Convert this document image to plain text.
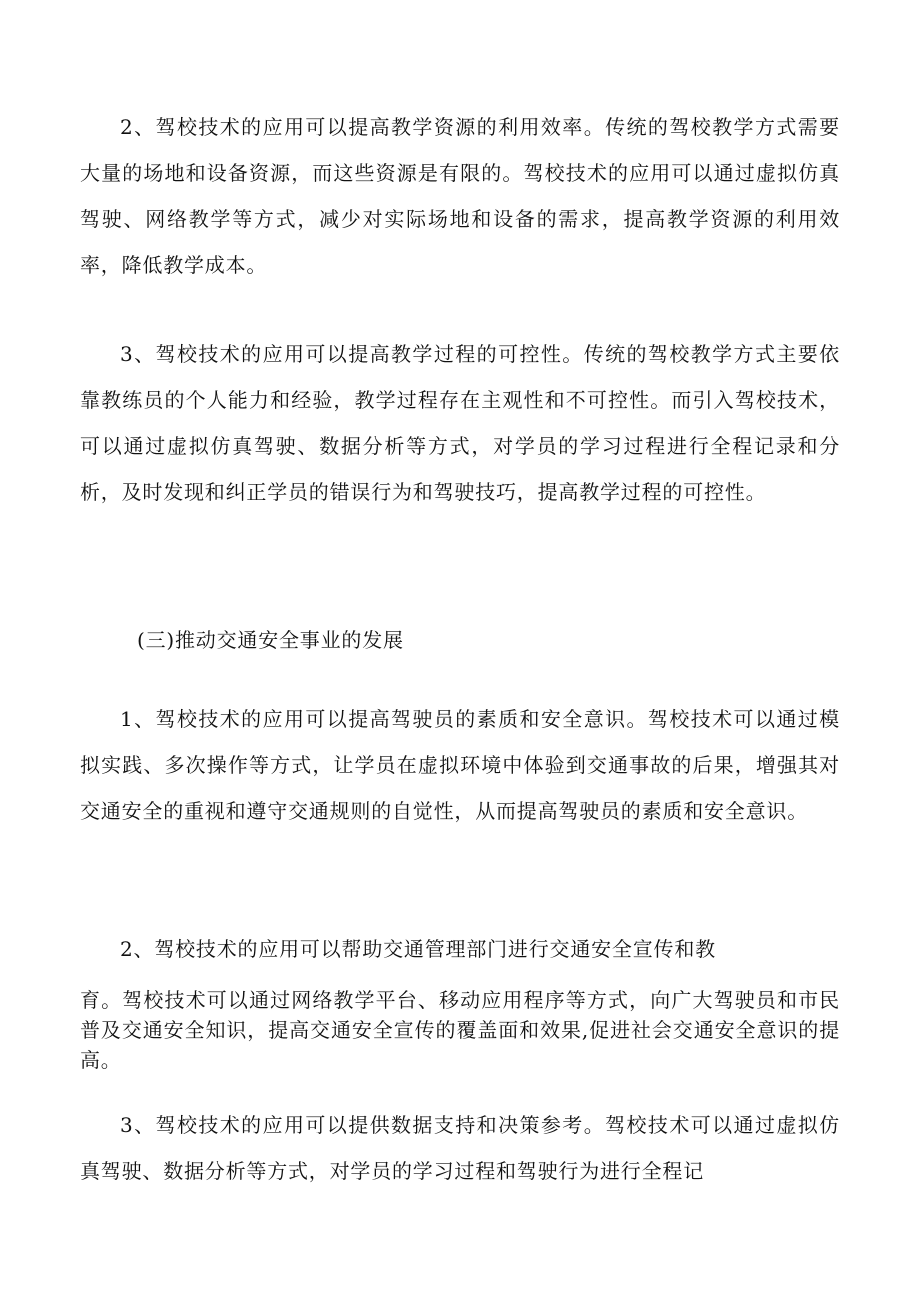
2、驾校技术的应用可以提高教学资源的利用效率。传统的驾校教学方式需要大量的场地和设备资源，而这些资源是有限的。驾校技术的应用可以通过虚拟仿真驾驶、网络教学等方式，减少对实际场地和设备的需求，提高教学资源的利用效率，降低教学成本。

3、驾校技术的应用可以提高教学过程的可控性。传统的驾校教学方式主要依靠教练员的个人能力和经验，教学过程存在主观性和不可控性。而引入驾校技术，可以通过虚拟仿真驾驶、数据分析等方式，对学员的学习过程进行全程记录和分析，及时发现和纠正学员的错误行为和驾驶技巧，提高教学过程的可控性。

(三)推动交通安全事业的发展

1、驾校技术的应用可以提高驾驶员的素质和安全意识。驾校技术可以通过模拟实践、多次操作等方式，让学员在虚拟环境中体验到交通事故的后果，增强其对交通安全的重视和遵守交通规则的自觉性，从而提高驾驶员的素质和安全意识。

2、驾校技术的应用可以帮助交通管理部门进行交通安全宣传和教

育。驾校技术可以通过网络教学平台、移动应用程序等方式，向广大驾驶员和市民普及交通安全知识，提高交通安全宣传的覆盖面和效果,促进社会交通安全意识的提高。

3、驾校技术的应用可以提供数据支持和决策参考。驾校技术可以通过虚拟仿真驾驶、数据分析等方式，对学员的学习过程和驾驶行为进行全程记
